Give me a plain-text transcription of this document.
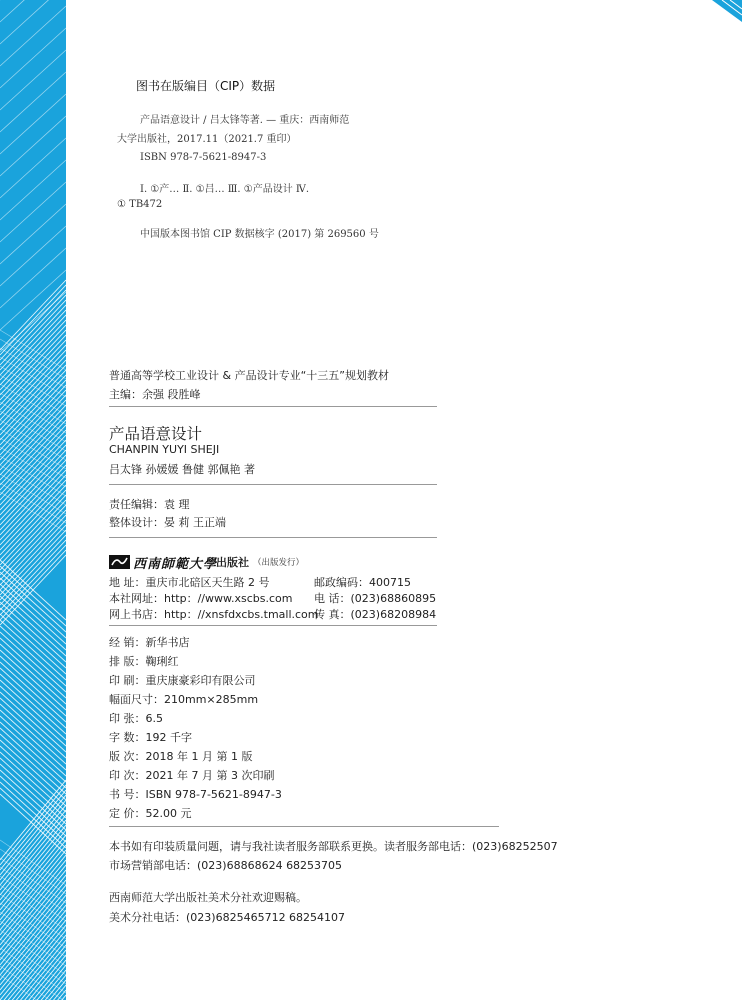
图书在版编目（CIP）数据
产品语意设计 / 吕太锋等著. — 重庆：西南师范
大学出版社，2017.11（2021.7 重印）
ISBN 978-7-5621-8947-3
Ⅰ. ①产… Ⅱ. ①吕… Ⅲ. ①产品设计 Ⅳ.
① TB472
中国版本图书馆 CIP 数据核字 (2017) 第 269560 号
普通高等学校工业设计 & 产品设计专业“十三五”规划教材
主编：余强 段胜峰
产品语意设计
CHANPIN YUYI SHEJI
吕太锋 孙媛媛 鲁健 郭佩艳 著
责任编辑：袁 理
整体设计：晏 莉 王正端
西南師範大學
出版社 （出版发行）
地 址：重庆市北碚区天生路 2 号
本社网址：http：//www.xscbs.com
网上书店：http：//xnsfdxcbs.tmall.com
邮政编码：400715
电 话：(023)68860895
传 真：(023)68208984
经 销：新华书店
排 版：鞠琍红
印 刷：重庆康豪彩印有限公司
幅面尺寸：210mm×285mm
印 张：6.5
字 数：192 千字
版 次：2018 年 1 月 第 1 版
印 次：2021 年 7 月 第 3 次印刷
书 号：ISBN 978-7-5621-8947-3
定 价：52.00 元
本书如有印装质量问题，请与我社读者服务部联系更换。读者服务部电话：(023)68252507
市场营销部电话：(023)68868624 68253705
西南师范大学出版社美术分社欢迎赐稿。
美术分社电话：(023)6825465712 68254107
